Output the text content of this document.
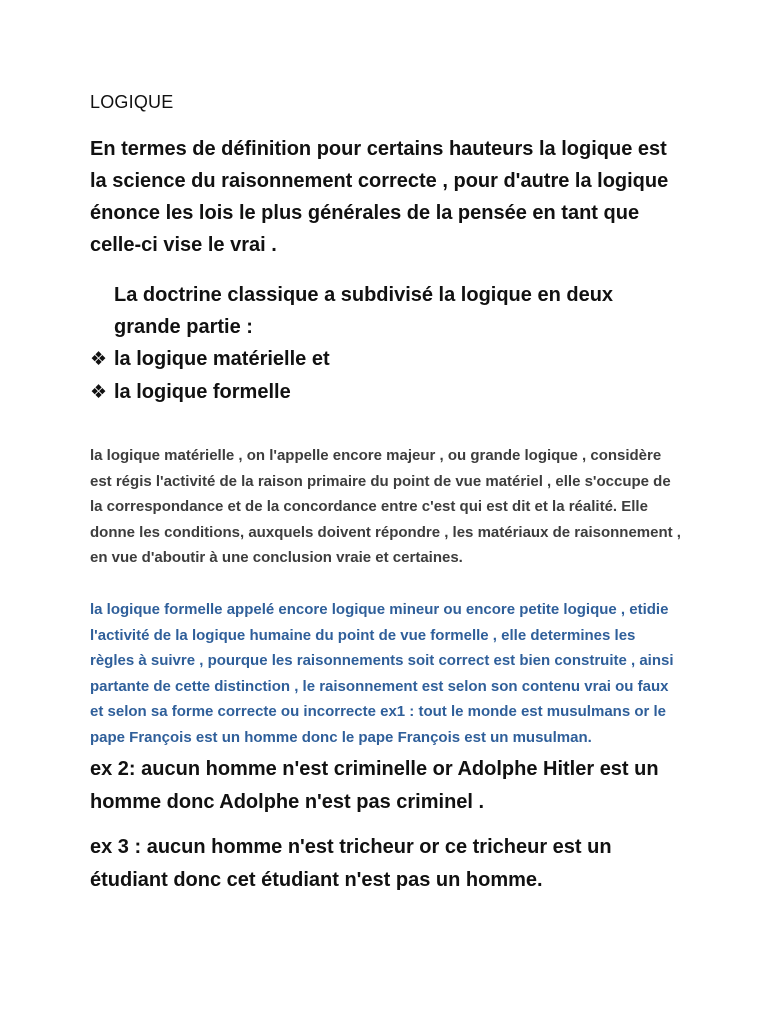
LOGIQUE

En termes de définition pour certains hauteurs la logique est la science du raisonnement correcte , pour d'autre la logique énonce les lois le plus générales de la pensée en tant que celle-ci vise le vrai .

La doctrine classique a subdivisé la logique en deux grande partie :

❖ la logique matérielle et
❖ la logique formelle

la logique matérielle , on l'appelle encore majeur , ou grande logique , considère est régis l'activité de la raison primaire du point de vue matériel , elle s'occupe de la correspondance et de la concordance entre c'est qui est dit et la réalité. Elle donne les conditions, auxquels doivent répondre , les matériaux de raisonnement , en vue d'aboutir à une conclusion vraie et certaines.

la logique formelle appelé encore logique mineur ou encore petite logique , etidie l'activité de la logique humaine du point de vue formelle , elle determines les règles à suivre , pourque les raisonnements soit correct est bien construite , ainsi partante de cette distinction , le raisonnement est selon son contenu vrai ou faux et selon sa forme correcte ou incorrecte ex1 : tout le monde est musulmans or le pape François est un homme donc le pape François est un musulman.

ex 2: aucun homme n'est criminelle or Adolphe Hitler est un homme donc Adolphe n'est pas criminel .

ex 3 : aucun homme n'est tricheur or ce tricheur est un étudiant donc cet étudiant n'est pas un homme.
